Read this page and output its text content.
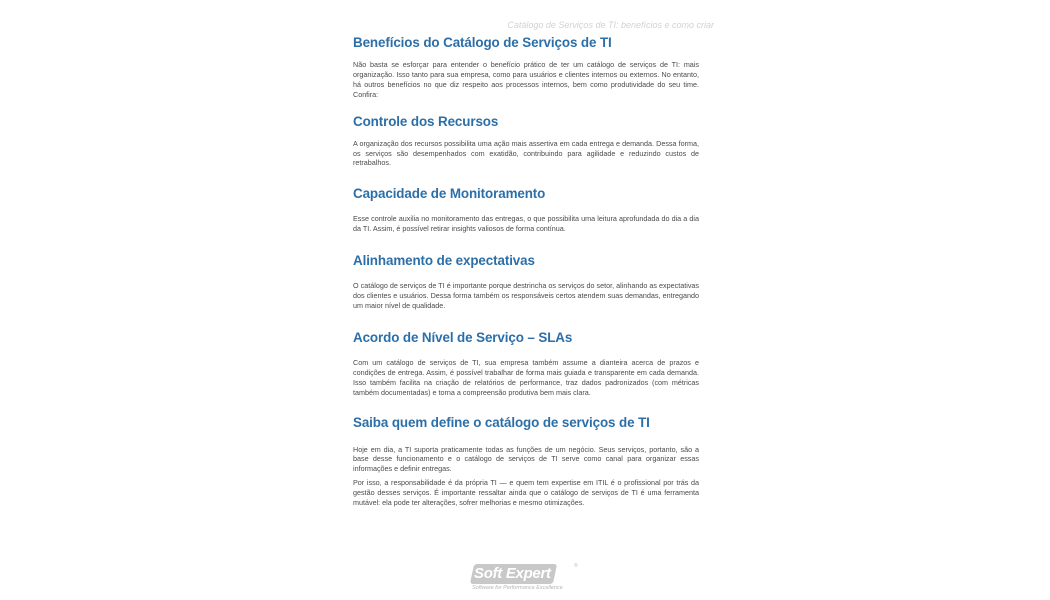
Catálogo de Serviços de TI: benefícios e como criar
Benefícios do Catálogo de Serviços de TI

Não basta se esforçar para entender o benefício prático de ter um catálogo de serviços de TI: mais organização. Isso tanto para sua empresa, como para usuários e clientes internos ou externos. No entanto, há outros benefícios no que diz respeito aos processos internos, bem como produtividade do seu time. Confira:

Controle dos Recursos

A organização dos recursos possibilita uma ação mais assertiva em cada entrega e demanda. Dessa forma, os serviços são desempenhados com exatidão, contribuindo para agilidade e reduzindo custos de retrabalhos.

Capacidade de Monitoramento

Esse controle auxilia no monitoramento das entregas, o que possibilita uma leitura aprofundada do dia a dia da TI. Assim, é possível retirar insights valiosos de forma contínua.

Alinhamento de expectativas

O catálogo de serviços de TI é importante porque destrincha os serviços do setor, alinhando as expectativas dos clientes e usuários. Dessa forma também os responsáveis certos atendem suas demandas, entregando um maior nível de qualidade.

Acordo de Nível de Serviço – SLAs

Com um catálogo de serviços de TI, sua empresa também assume a dianteira acerca de prazos e condições de entrega. Assim, é possível trabalhar de forma mais guiada e transparente em cada demanda. Isso também facilita na criação de relatórios de performance, traz dados padronizados (com métricas também documentadas) e torna a compreensão produtiva bem mais clara.

Saiba quem define o catálogo de serviços de TI

Hoje em dia, a TI suporta praticamente todas as funções de um negócio. Seus serviços, portanto, são a base desse funcionamento e o catálogo de serviços de TI serve como canal para organizar essas informações e definir entregas.

Por isso, a responsabilidade é da própria TI — e quem tem expertise em ITIL é o profissional por trás da gestão desses serviços. É importante ressaltar ainda que o catálogo de serviços de TI é uma ferramenta mutável: ela pode ter alterações, sofrer melhorias e mesmo otimizações.

Soft Expert	®
Software for Performance Excellence
